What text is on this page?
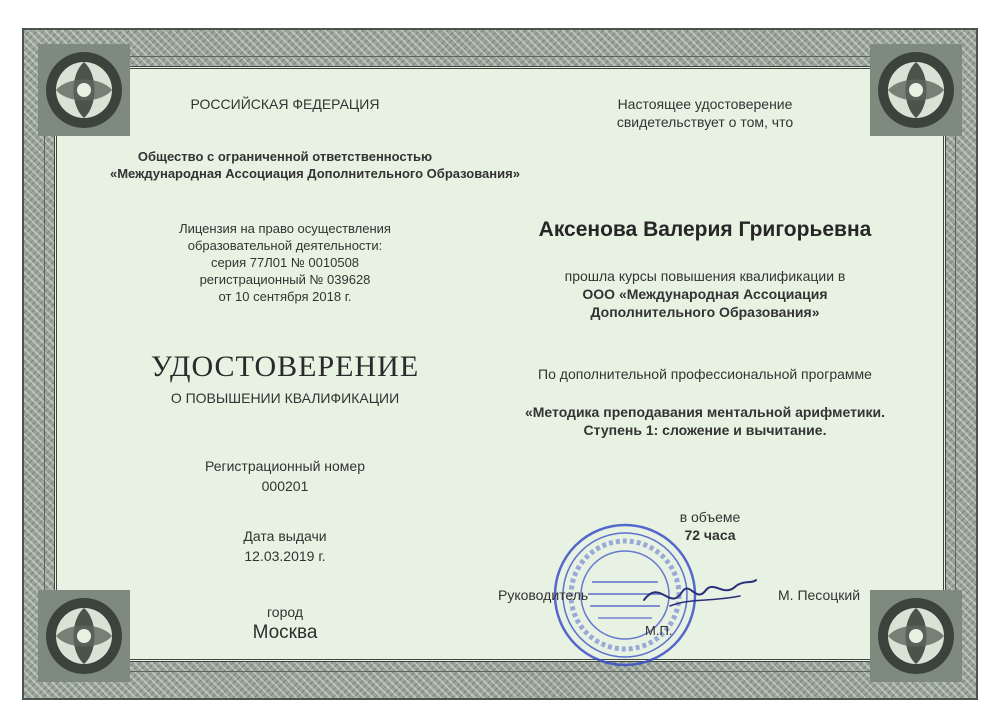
РОССИЙСКАЯ ФЕДЕРАЦИЯ
Общество с ограниченной ответственностью
«Международная Ассоциация Дополнительного Образования»
Лицензия на право осуществления
образовательной деятельности:
серия 77Л01 № 0010508
регистрационный № 039628
от 10 сентября 2018 г.
УДОСТОВЕРЕНИЕ
О ПОВЫШЕНИИ КВАЛИФИКАЦИИ
Регистрационный номер
000201
Дата выдачи
12.03.2019 г.
город
Москва
Настоящее удостоверение
свидетельствует о том, что
Аксенова Валерия Григорьевна
прошла курсы повышения квалификации в
ООО «Международная Ассоциация
Дополнительного Образования»
По дополнительной профессиональной программе
«Методика преподавания ментальной арифметики.
Ступень 1: сложение и вычитание.
в объеме
72 часа
Руководитель
М.П.
М. Песоцкий
